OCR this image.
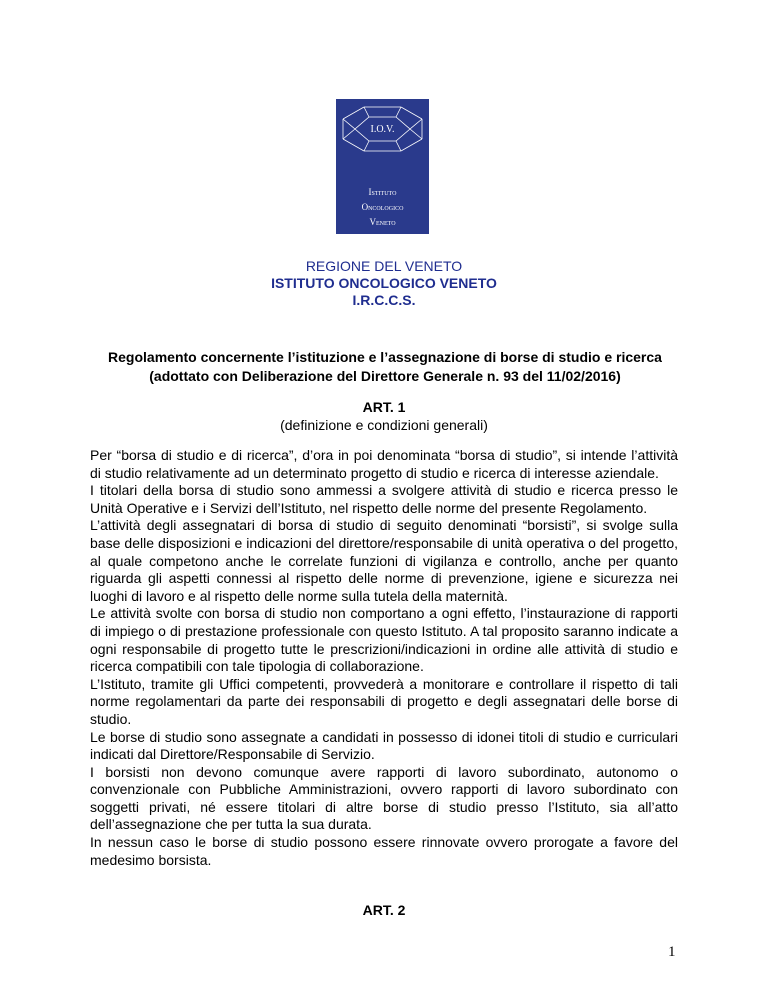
I.O.V.
Istituto
Oncologico
Veneto
REGIONE DEL VENETO
ISTITUTO ONCOLOGICO VENETO
I.R.C.C.S.
Regolamento concernente l’istituzione e l’assegnazione di borse di studio e ricerca
(adottato con Deliberazione del Direttore Generale n. 93 del 11/02/2016)
ART. 1
(definizione e condizioni generali)

Per “borsa di studio e di ricerca”, d’ora in poi denominata “borsa di studio”, si intende l’attività di studio relativamente ad un determinato progetto di studio e ricerca di interesse aziendale.

I titolari della borsa di studio sono ammessi a svolgere attività di studio e ricerca presso le Unità Operative e i Servizi dell’Istituto, nel rispetto delle norme del presente Regolamento.

L’attività degli assegnatari di borsa di studio di seguito denominati “borsisti”, si svolge sulla base delle disposizioni e indicazioni del direttore/responsabile di unità operativa o del progetto, al quale competono anche le correlate funzioni di vigilanza e controllo, anche per quanto riguarda gli aspetti connessi al rispetto delle norme di prevenzione, igiene e sicurezza nei luoghi di lavoro e al rispetto delle norme sulla tutela della maternità.

Le attività svolte con borsa di studio non comportano a ogni effetto, l’instaurazione di rapporti di impiego o di prestazione professionale con questo Istituto. A tal proposito saranno indicate a ogni responsabile di progetto tutte le prescrizioni/indicazioni in ordine alle attività di studio e ricerca compatibili con tale tipologia di collaborazione.

L’Istituto, tramite gli Uffici competenti, provvederà a monitorare e controllare il rispetto di tali norme regolamentari da parte dei responsabili di progetto e degli assegnatari delle borse di studio.

Le borse di studio sono assegnate a candidati in possesso di idonei titoli di studio e curriculari indicati dal Direttore/Responsabile di Servizio.

I borsisti non devono comunque avere rapporti di lavoro subordinato, autonomo o convenzionale con Pubbliche Amministrazioni, ovvero rapporti di lavoro subordinato con soggetti privati, né essere titolari di altre borse di studio presso l’Istituto, sia all’atto dell’assegnazione che per tutta la sua durata.

In nessun caso le borse di studio possono essere rinnovate ovvero prorogate a favore del medesimo borsista.

ART. 2
1
